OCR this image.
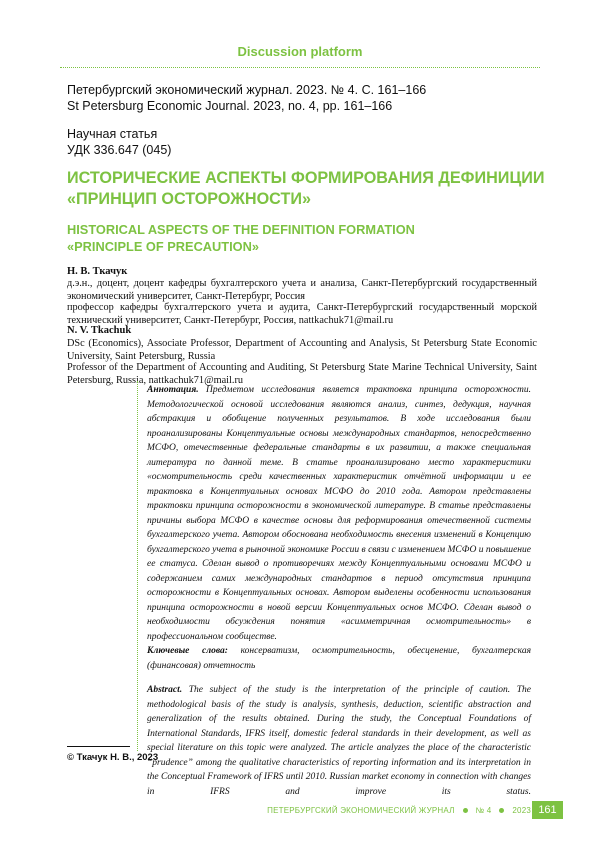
Discussion platform
Петербургский экономический журнал. 2023. № 4. С. 161–166
St Petersburg Economic Journal. 2023, no. 4, pp. 161–166
Научная статья
УДК 336.647 (045)
ИСТОРИЧЕСКИЕ АСПЕКТЫ ФОРМИРОВАНИЯ ДЕФИНИЦИИ
«ПРИНЦИП ОСТОРОЖНОСТИ»
HISTORICAL ASPECTS OF THE DEFINITION FORMATION
«PRINCIPLE OF PRECAUTION»
Н. В. Ткачук
д.э.н., доцент, доцент кафедры бухгалтерского учета и анализа, Санкт-Петербургский государственный экономический университет, Санкт-Петербург, Россия
профессор кафедры бухгалтерского учета и аудита, Санкт-Петербургский государственный морской технический университет, Санкт-Петербург, Россия, nattkachuk71@mail.ru
N. V. Tkachuk
DSc (Economics), Associate Professor, Department of Accounting and Analysis, St Petersburg State Economic University, Saint Petersburg, Russia
Professor of the Department of Accounting and Auditing, St Petersburg State Marine Technical University, Saint Petersburg, Russia, nattkachuk71@mail.ru
Аннотация. Предметом исследования является трактовка принципа осторожности. Методологической основой исследования являются анализ, синтез, дедукция, научная абстракция и обобщение полученных результатов. В ходе исследования были проанализированы Концептуальные основы международных стандартов, непосредственно МСФО, отечественные федеральные стандарты в их развитии, а также специальная литература по данной теме. В статье проанализировано место характеристики «осмотрительность среди качественных характеристик отчётной информации и ее трактовка в Концептуальных основах МСФО до 2010 года. Автором представлены трактовки принципа осторожности в экономической литературе. В статье представлены причины выбора МСФО в качестве основы для реформирования отечественной системы бухгалтерского учета. Автором обоснована необходимость внесения изменений в Концепцию бухгалтерского учета в рыночной экономике России в связи с изменением МСФО и повышение ее статуса. Сделан вывод о противоречиях между Концептуальными основами МСФО и содержанием самих международных стандартов в период отсутствия принципа осторожности в Концептуальных основах. Автором выделены особенности использования принципа осторожности в новой версии Концептуальных основ МСФО. Сделан вывод о необходимости обсуждения понятия «асимметричная осмотрительность» в профессиональном сообществе.
Ключевые слова: консерватизм, осмотрительность, обесценение, бухгалтерская (финансовая) отчетность
Abstract. The subject of the study is the interpretation of the principle of caution. The methodological basis of the study is analysis, synthesis, deduction, scientific abstraction and generalization of the results obtained. During the study, the Conceptual Foundations of International Standards, IFRS itself, domestic federal standards in their development, as well as special literature on this topic were analyzed. The article analyzes the place of the characteristic “prudence” among the qualitative characteristics of reporting information and its interpretation in the Conceptual Framework of IFRS until 2010. Russian market economy in connection with changes in IFRS and improve its status.
© Ткачук Н. В., 2023
ПЕТЕРБУРГСКИЙ ЭКОНОМИЧЕСКИЙ ЖУРНАЛ	№ 4	2023 161
